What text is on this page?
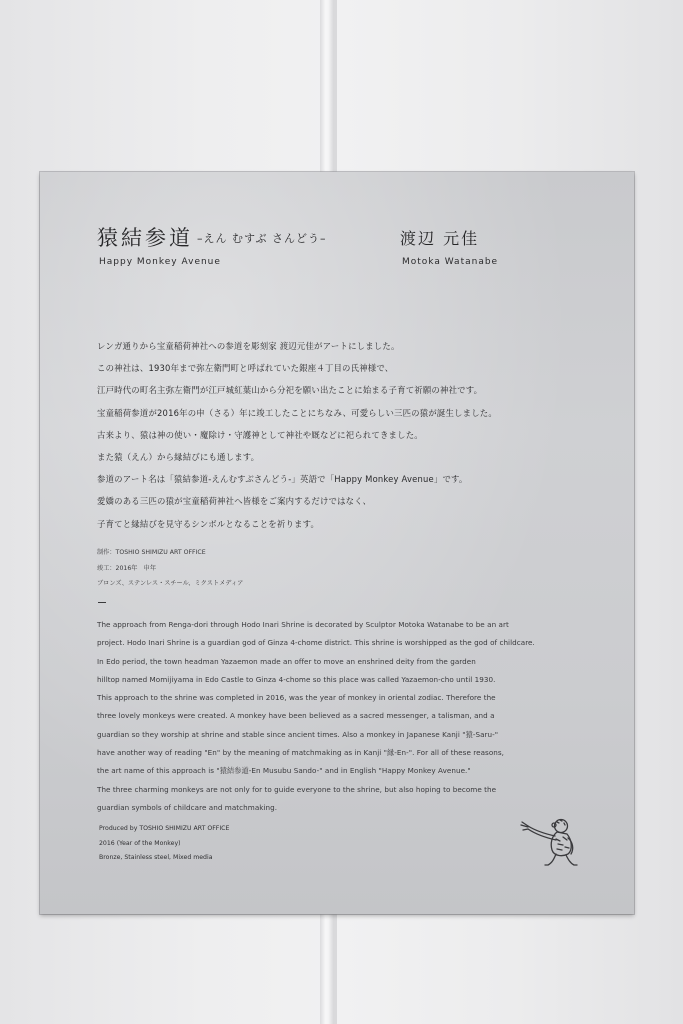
猿結参道 $^{-えん むすぶ さんどう-}$	渡辺 元佳
Happy Monkey Avenue	Motoka Watanabe
レンガ通りから宝童稲荷神社への参道を彫刻家 渡辺元佳がアートにしました。
この神社は、1930年まで弥左衛門町と呼ばれていた銀座４丁目の氏神様で、
江戸時代の町名主弥左衛門が江戸城紅葉山から分祀を願い出たことに始まる子育て祈願の神社です。
宝童稲荷参道が2016年の申（さる）年に竣工したことにちなみ、可愛らしい三匹の猿が誕生しました。
古来より、猿は神の使い・魔除け・守護神として神社や厩などに祀られてきました。
また猿（えん）から縁結びにも通します。
参道のアート名は「猿結参道-えんむすぶさんどう-」英語で「Happy Monkey Avenue」です。
愛嬌のある三匹の猿が宝童稲荷神社へ皆様をご案内するだけではなく、
子育てと縁結びを見守るシンボルとなることを祈ります。
制作：TOSHIO SHIMIZU ART OFFICE
竣工：2016年　申年
ブロンズ、ステンレス・スチール、ミクストメディア
The approach from Renga-dori through Hodo Inari Shrine is decorated by Sculptor Motoka Watanabe to be an art
project. Hodo Inari Shrine is a guardian god of Ginza 4-chome district. This shrine is worshipped as the god of childcare.
In Edo period, the town headman Yazaemon made an offer to move an enshrined deity from the garden
hilltop named Momijiyama in Edo Castle to Ginza 4-chome so this place was called Yazaemon-cho until 1930.
This approach to the shrine was completed in 2016, was the year of monkey in oriental zodiac. Therefore the
three lovely monkeys were created. A monkey have been believed as a sacred messenger, a talisman, and a
guardian so they worship at shrine and stable since ancient times. Also a monkey in Japanese Kanji "猿-Saru-"
have another way of reading "En" by the meaning of matchmaking as in Kanji "縁-En-". For all of these reasons,
the art name of this approach is "猿結参道-En Musubu Sando-" and in English "Happy Monkey Avenue."
The three charming monkeys are not only for to guide everyone to the shrine, but also hoping to become the
guardian symbols of childcare and matchmaking.
Produced by TOSHIO SHIMIZU ART OFFICE
2016 (Year of the Monkey)
Bronze, Stainless steel, Mixed media
